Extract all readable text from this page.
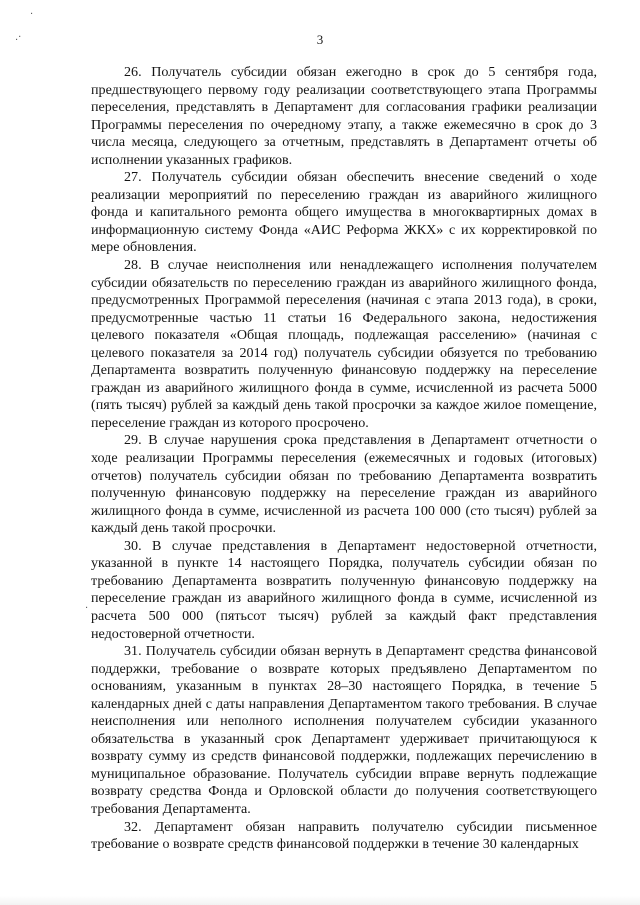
·
.·
·
3

26. Получатель субсидии обязан ежегодно в срок до 5 сентября года, предшествующего первому году реализации соответствующего этапа Программы переселения, представлять в Департамент для согласования графики реализации Программы переселения по очередному этапу, а также ежемесячно в срок до 3 числа месяца, следующего за отчетным, представлять в Департамент отчеты об исполнении указанных графиков.

27. Получатель субсидии обязан обеспечить внесение сведений о ходе реализации мероприятий по переселению граждан из аварийного жилищного фонда и капитального ремонта общего имущества в многоквартирных домах в информационную систему Фонда «АИС Реформа ЖКХ» с их корректировкой по мере обновления.

28. В случае неисполнения или ненадлежащего исполнения получателем субсидии обязательств по переселению граждан из аварийного жилищного фонда, предусмотренных Программой переселения (начиная с этапа 2013 года), в сроки, предусмотренные частью 11 статьи 16 Федерального закона, недостижения целевого показателя «Общая площадь, подлежащая расселению» (начиная с целевого показателя за 2014 год) получатель субсидии обязуется по требованию Департамента возвратить полученную финансовую поддержку на переселение граждан из аварийного жилищного фонда в сумме, исчисленной из расчета 5000 (пять тысяч) рублей за каждый день такой просрочки за каждое жилое помещение, переселение граждан из которого просрочено.

29. В случае нарушения срока представления в Департамент отчетности о ходе реализации Программы переселения (ежемесячных и годовых (итоговых) отчетов) получатель субсидии обязан по требованию Департамента возвратить полученную финансовую поддержку на переселение граждан из аварийного жилищного фонда в сумме, исчисленной из расчета 100 000 (сто тысяч) рублей за каждый день такой просрочки.

30. В случае представления в Департамент недостоверной отчетности, указанной в пункте 14 настоящего Порядка, получатель субсидии обязан по требованию Департамента возвратить полученную финансовую поддержку на переселение граждан из аварийного жилищного фонда в сумме, исчисленной из расчета 500 000 (пятьсот тысяч) рублей за каждый факт представления недостоверной отчетности.

31. Получатель субсидии обязан вернуть в Департамент средства финансовой поддержки, требование о возврате которых предъявлено Департаментом по основаниям, указанным в пунктах 28–30 настоящего Порядка, в течение 5 календарных дней с даты направления Департаментом такого требования. В случае неисполнения или неполного исполнения получателем субсидии указанного обязательства в указанный срок Департамент удерживает причитающуюся к возврату сумму из средств финансовой поддержки, подлежащих перечислению в муниципальное образование. Получатель субсидии вправе вернуть подлежащие возврату средства Фонда и Орловской области до получения соответствующего требования Департамента.

32. Департамент обязан направить получателю субсидии письменное требование о возврате средств финансовой поддержки в течение 30 календарных
